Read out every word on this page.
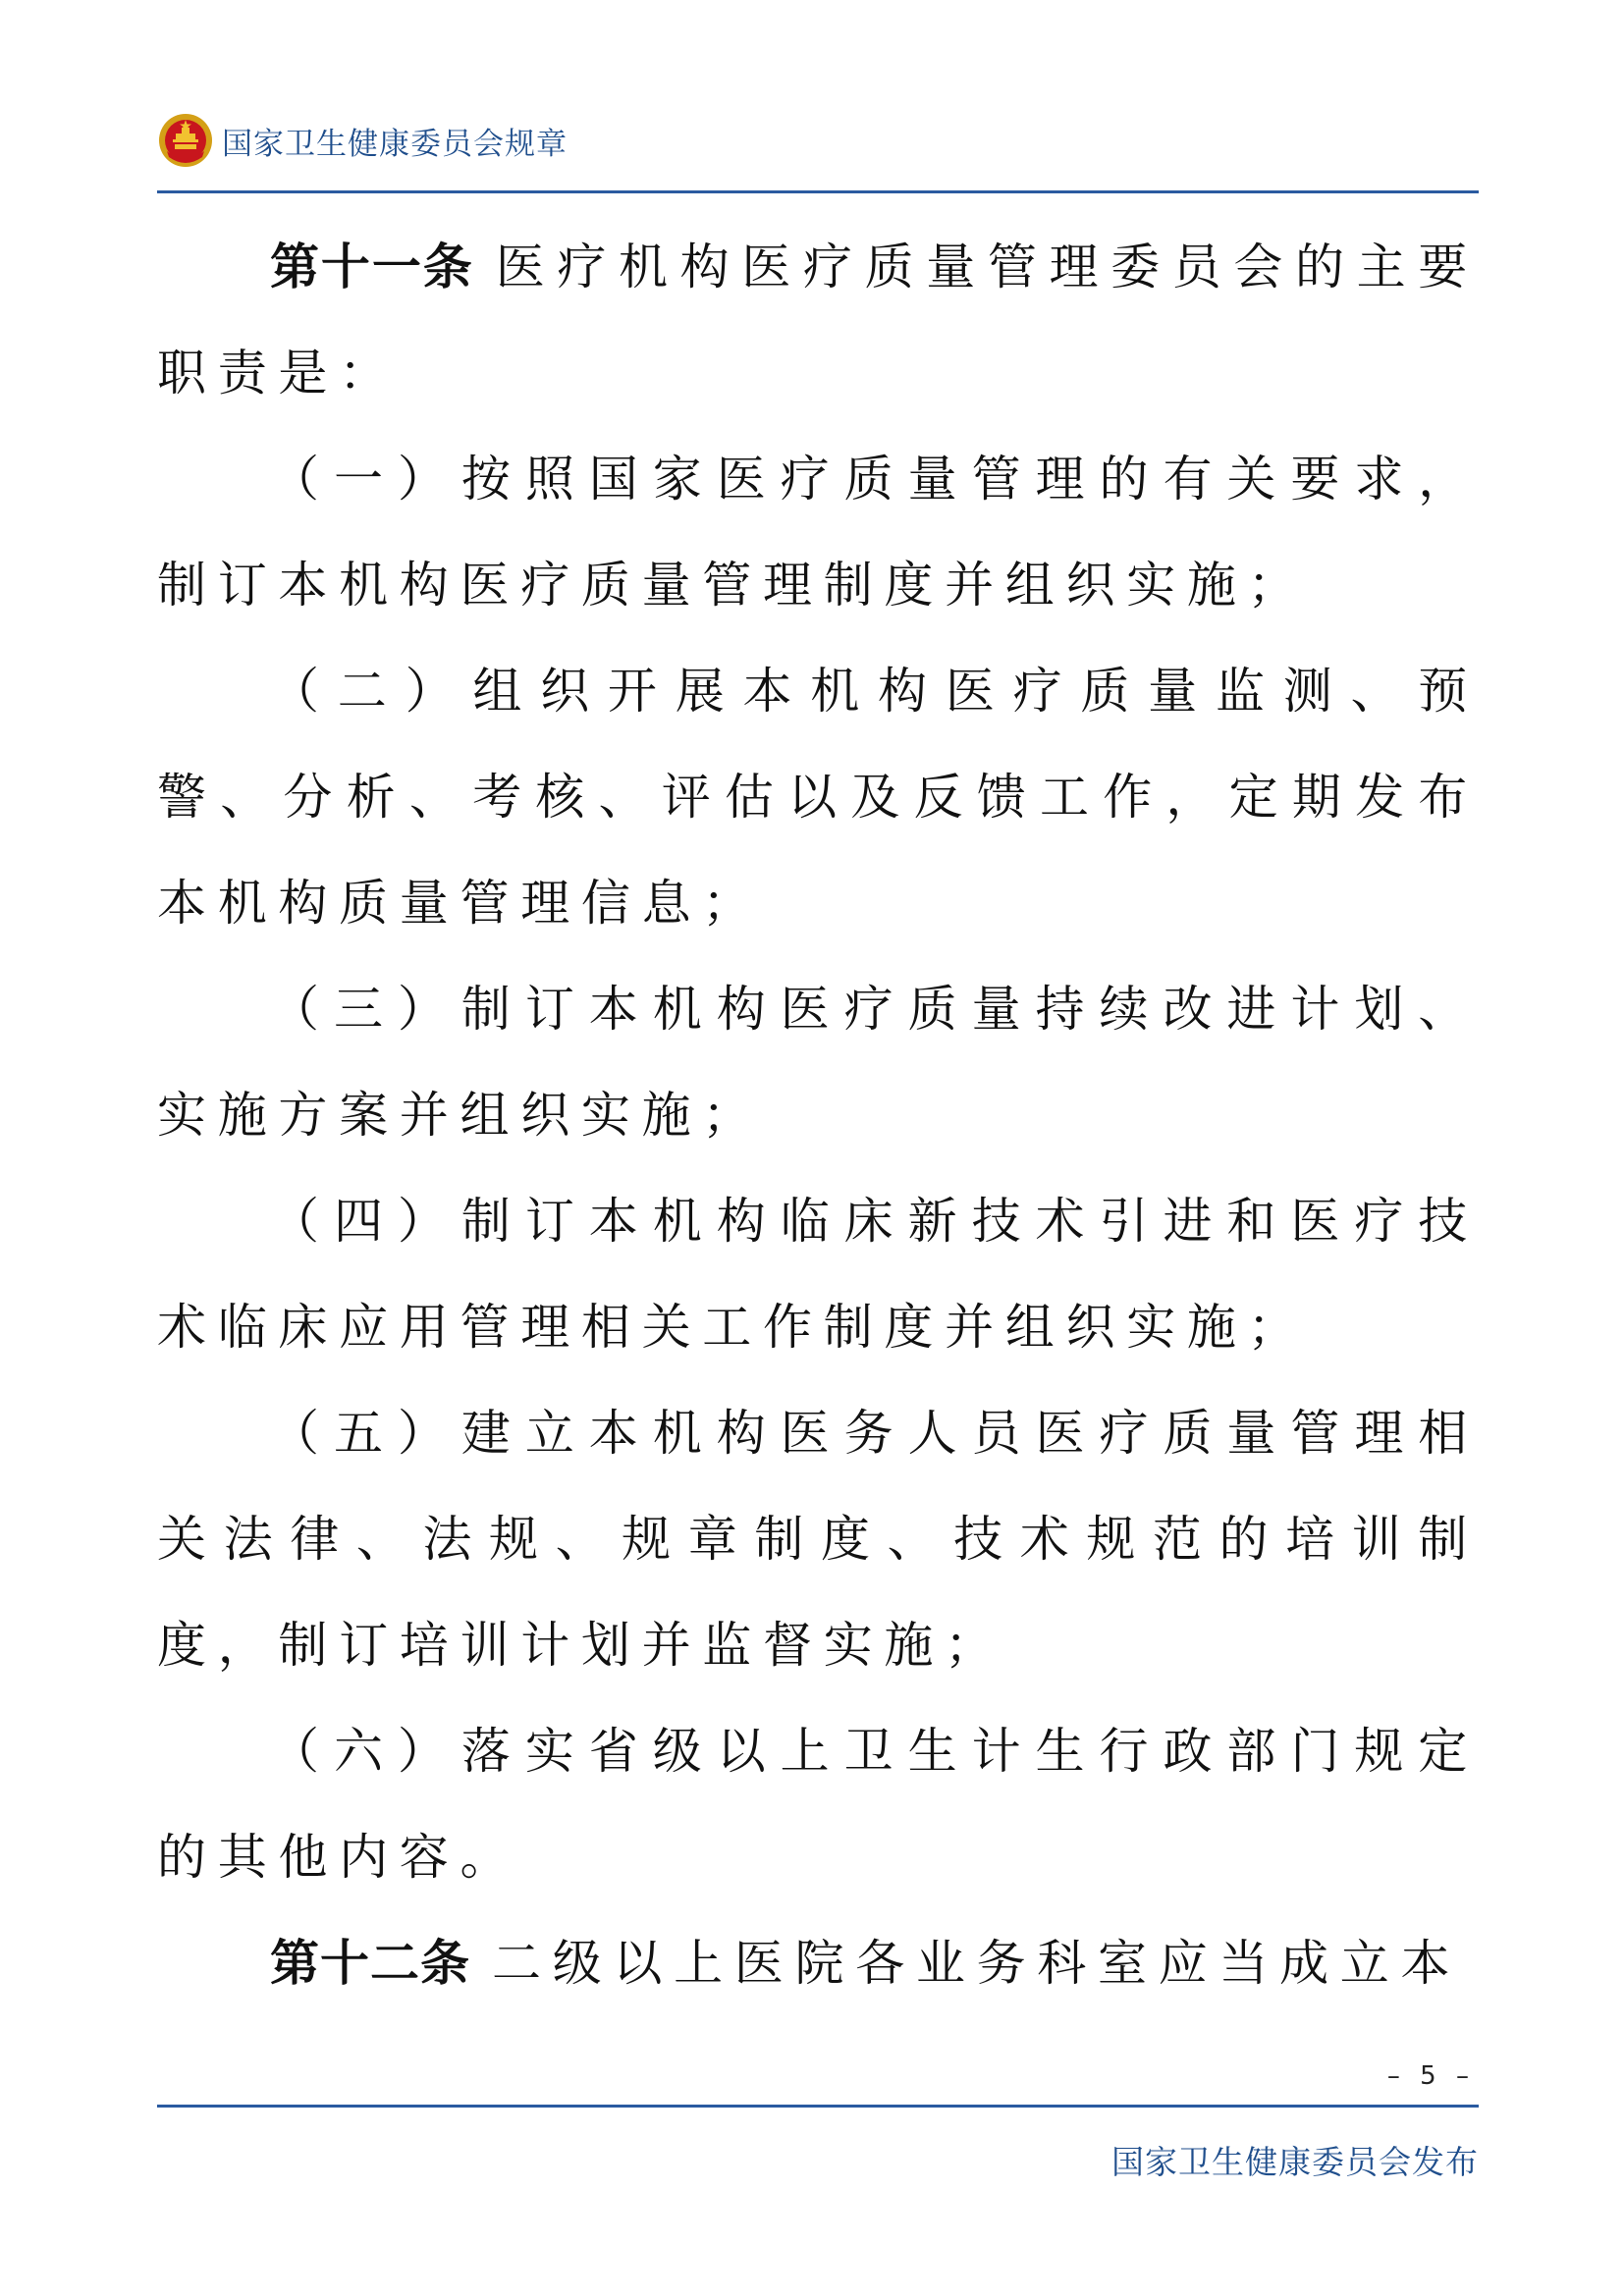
国家卫生健康委员会规章

第十一条 医疗机构医疗质量管理委员会的主要职责是：

（一）按照国家医疗质量管理的有关要求，制订本机构医疗质量管理制度并组织实施；

（二）组织开展本机构医疗质量监测、预警、分析、考核、评估以及反馈工作，定期发布本机构质量管理信息；

（三）制订本机构医疗质量持续改进计划、实施方案并组织实施；

（四）制订本机构临床新技术引进和医疗技术临床应用管理相关工作制度并组织实施；

（五）建立本机构医务人员医疗质量管理相关法律、法规、规章制度、技术规范的培训制度，制订培训计划并监督实施；

（六）落实省级以上卫生计生行政部门规定的其他内容。

第十二条 二级以上医院各业务科室应当成立本

– 5 –
国家卫生健康委员会发布
